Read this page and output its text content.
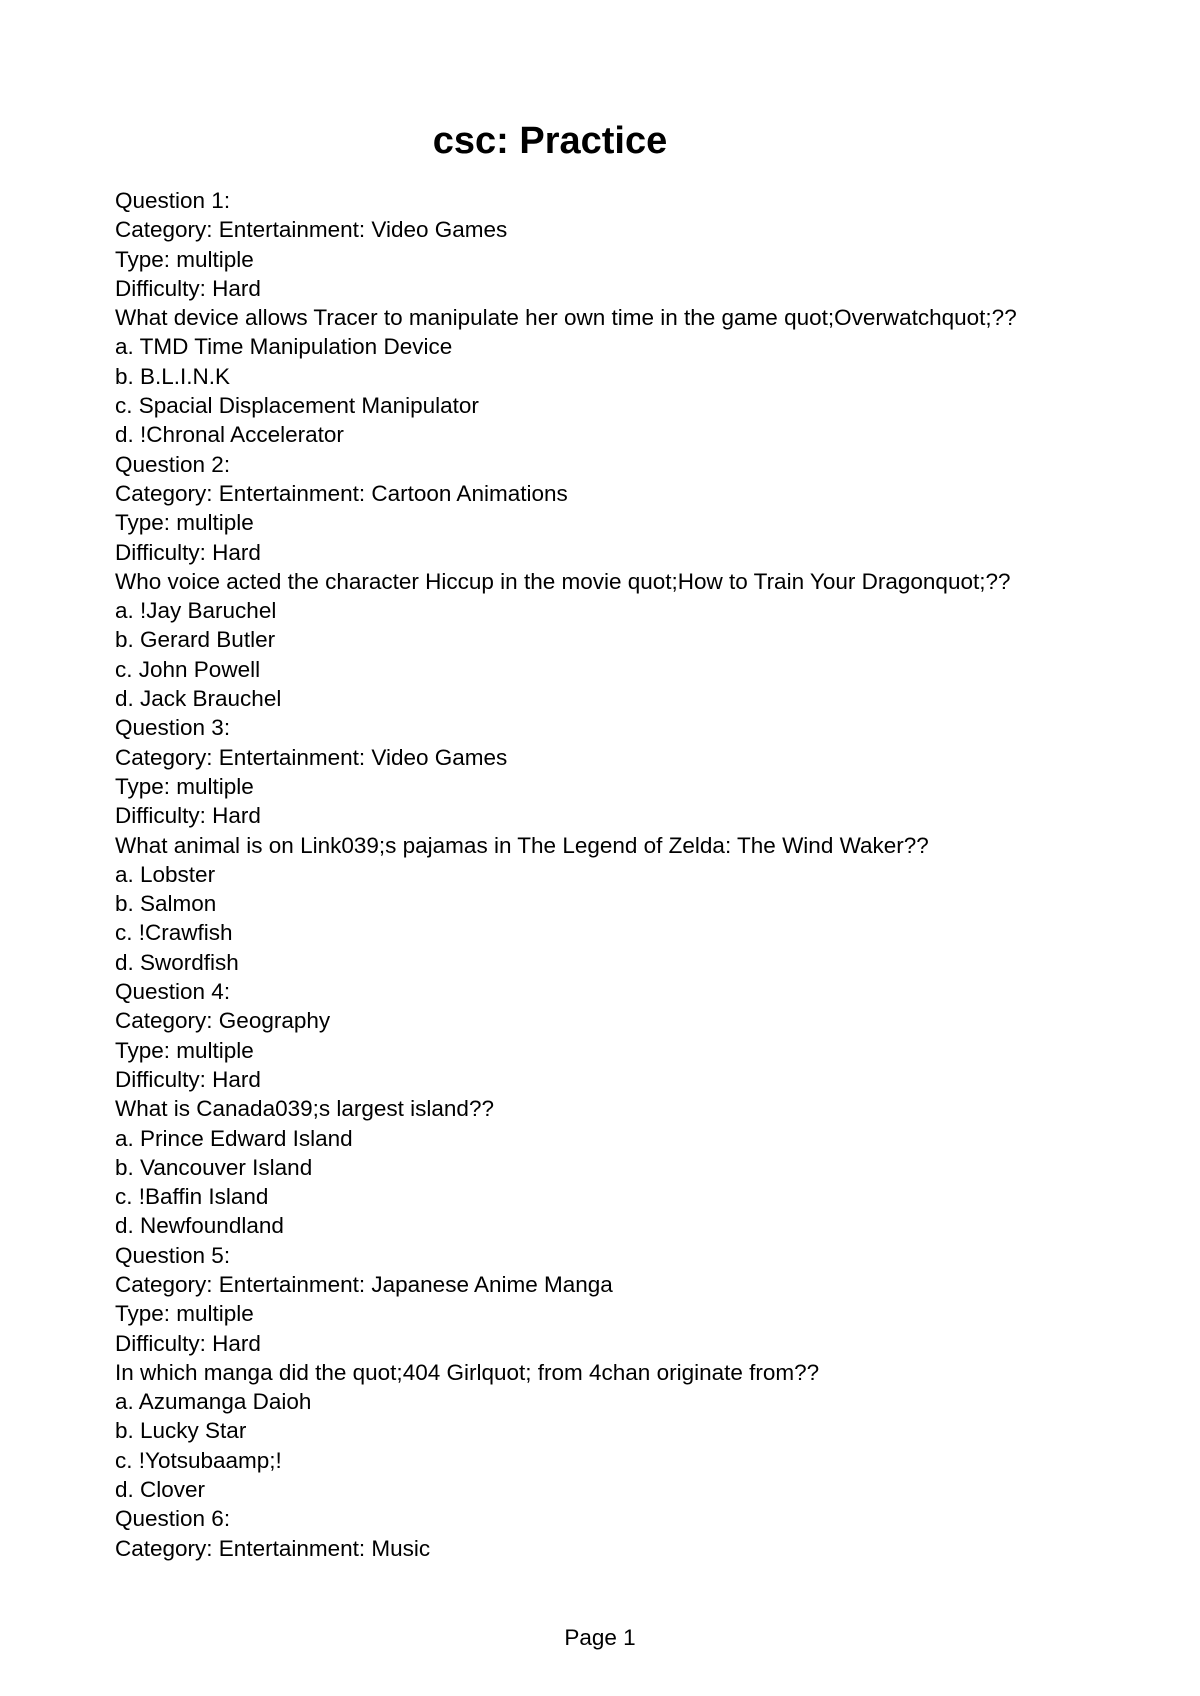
csc: Practice
Question 1:
Category: Entertainment: Video Games
Type: multiple
Difficulty: Hard
What device allows Tracer to manipulate her own time in the game quot;Overwatchquot;??
a. TMD Time Manipulation Device
b. B.L.I.N.K
c. Spacial Displacement Manipulator
d. !Chronal Accelerator
Question 2:
Category: Entertainment: Cartoon Animations
Type: multiple
Difficulty: Hard
Who voice acted the character Hiccup in the movie quot;How to Train Your Dragonquot;??
a. !Jay Baruchel
b. Gerard Butler
c. John Powell
d. Jack Brauchel
Question 3:
Category: Entertainment: Video Games
Type: multiple
Difficulty: Hard
What animal is on Link039;s pajamas in The Legend of Zelda: The Wind Waker??
a. Lobster
b. Salmon
c. !Crawfish
d. Swordfish
Question 4:
Category: Geography
Type: multiple
Difficulty: Hard
What is Canada039;s largest island??
a. Prince Edward Island
b. Vancouver Island
c. !Baffin Island
d. Newfoundland
Question 5:
Category: Entertainment: Japanese Anime Manga
Type: multiple
Difficulty: Hard
In which manga did the quot;404 Girlquot; from 4chan originate from??
a. Azumanga Daioh
b. Lucky Star
c. !Yotsubaamp;!
d. Clover
Question 6:
Category: Entertainment: Music
Page 1
